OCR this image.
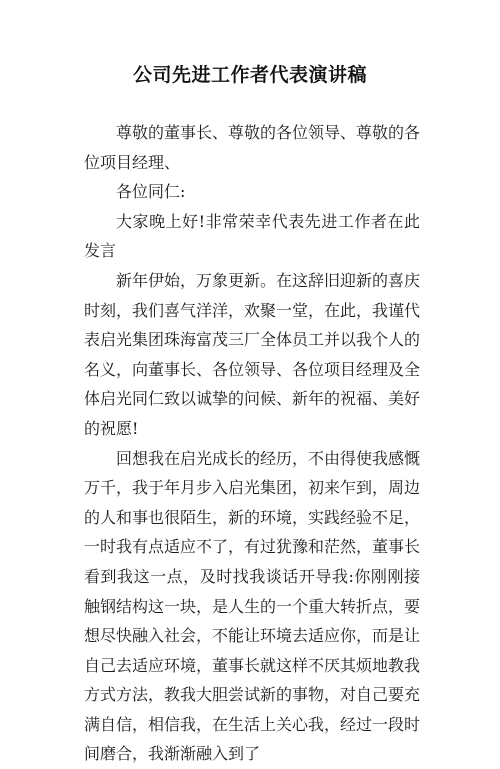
公司先进工作者代表演讲稿

尊敬的董事长、尊敬的各位领导、尊敬的各位项目经理、

各位同仁:

大家晚上好!非常荣幸代表先进工作者在此发言

新年伊始，万象更新。在这辞旧迎新的喜庆时刻，我们喜气洋洋，欢聚一堂，在此，我谨代表启光集团珠海富茂三厂全体员工并以我个人的名义，向董事长、各位领导、各位项目经理及全体启光同仁致以诚挚的问候、新年的祝福、美好的祝愿!

回想我在启光成长的经历，不由得使我感慨万千，我于年月步入启光集团，初来乍到，周边的人和事也很陌生，新的环境，实践经验不足，一时我有点适应不了，有过犹豫和茫然，董事长看到我这一点，及时找我谈话开导我:你刚刚接触钢结构这一块，是人生的一个重大转折点，要想尽快融入社会，不能让环境去适应你，而是让自己去适应环境，董事长就这样不厌其烦地教我方式方法，教我大胆尝试新的事物，对自己要充满自信，相信我，在生活上关心我，经过一段时间磨合，我渐渐融入到了
